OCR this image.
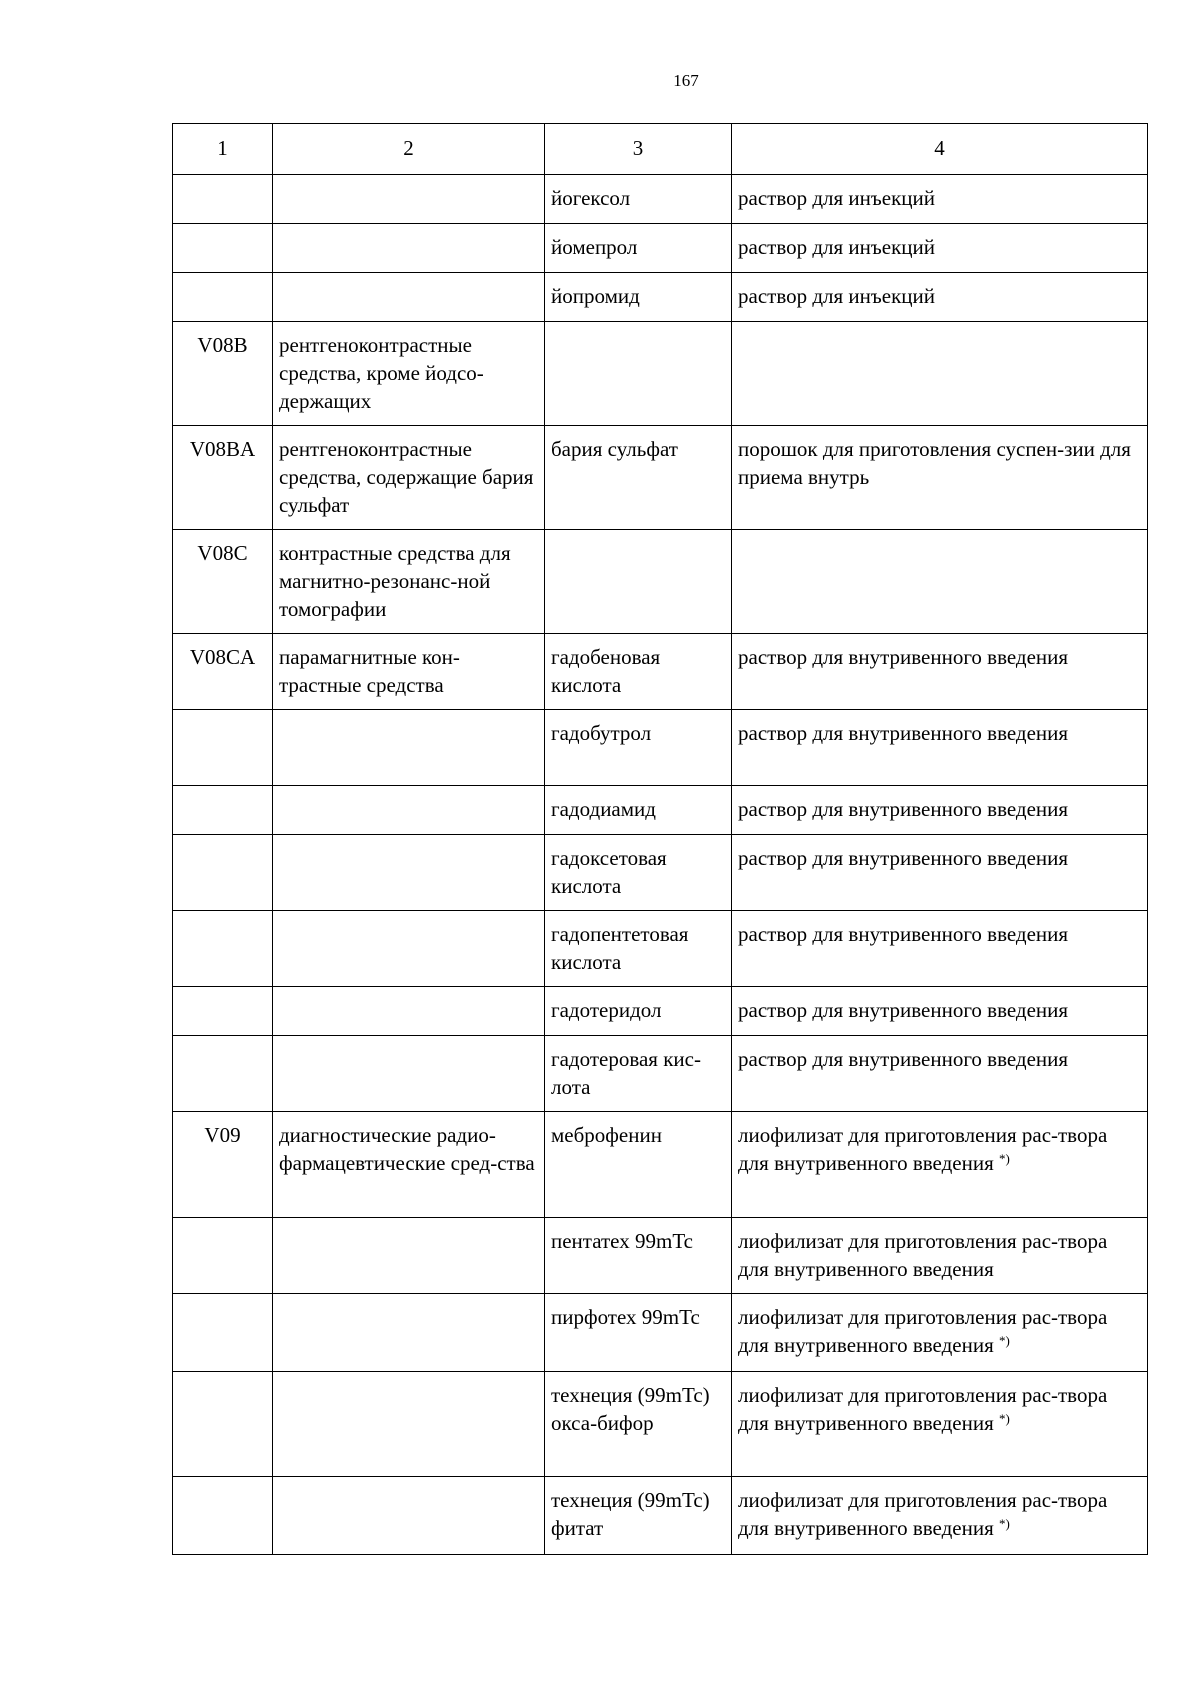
167
1	2	3	4
		йогексол	раствор для инъекций
		йомепрол	раствор для инъекций
		йопромид	раствор для инъекций
V08B	рентгеноконтрастные средства, кроме йодсо-держащих		
V08BA	рентгеноконтрастные средства, содержащие бария сульфат	бария сульфат	порошок для приготовления суспен-зии для приема внутрь
V08C	контрастные средства для магнитно-резонанс-ной томографии		
V08CA	парамагнитные кон-трастные средства	гадобеновая кислота	раствор для внутривенного введения
		гадобутрол	раствор для внутривенного введения
		гадодиамид	раствор для внутривенного введения
		гадоксетовая кислота	раствор для внутривенного введения
		гадопентетовая кислота	раствор для внутривенного введения
		гадотеридол	раствор для внутривенного введения
		гадотеровая кис-лота	раствор для внутривенного введения
V09	диагностические радио-фармацевтические сред-ства	меброфенин	лиофилизат для приготовления рас-твора для внутривенного введения *)
		пентатех 99mTc	лиофилизат для приготовления рас-твора для внутривенного введения
		пирфотех 99mTc	лиофилизат для приготовления рас-твора для внутривенного введения *)
		технеция (99mTc) окса-бифор	лиофилизат для приготовления рас-твора для внутривенного введения *)
		технеция (99mTc) фитат	лиофилизат для приготовления рас-твора для внутривенного введения *)
